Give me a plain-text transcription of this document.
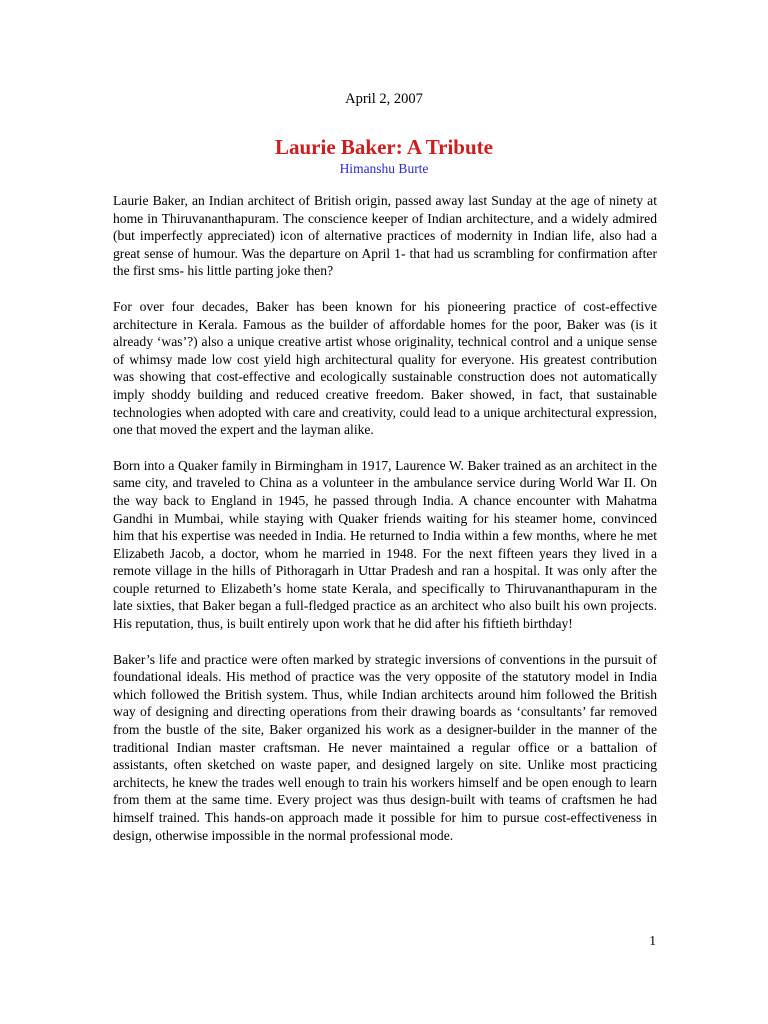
April 2, 2007
Laurie Baker: A Tribute
Himanshu Burte

Laurie Baker, an Indian architect of British origin, passed away last Sunday at the age of ninety at home in Thiruvananthapuram. The conscience keeper of Indian architecture, and a widely admired (but imperfectly appreciated) icon of alternative practices of modernity in Indian life, also had a great sense of humour. Was the departure on April 1- that had us scrambling for confirmation after the first sms- his little parting joke then?

For over four decades, Baker has been known for his pioneering practice of cost-effective architecture in Kerala. Famous as the builder of affordable homes for the poor, Baker was (is it already ‘was’?) also a unique creative artist whose originality, technical control and a unique sense of whimsy made low cost yield high architectural quality for everyone. His greatest contribution was showing that cost-effective and ecologically sustainable construction does not automatically imply shoddy building and reduced creative freedom. Baker showed, in fact, that sustainable technologies when adopted with care and creativity, could lead to a unique architectural expression, one that moved the expert and the layman alike.

Born into a Quaker family in Birmingham in 1917, Laurence W. Baker trained as an architect in the same city, and traveled to China as a volunteer in the ambulance service during World War II. On the way back to England in 1945, he passed through India. A chance encounter with Mahatma Gandhi in Mumbai, while staying with Quaker friends waiting for his steamer home, convinced him that his expertise was needed in India. He returned to India within a few months, where he met Elizabeth Jacob, a doctor, whom he married in 1948. For the next fifteen years they lived in a remote village in the hills of Pithoragarh in Uttar Pradesh and ran a hospital. It was only after the couple returned to Elizabeth’s home state Kerala, and specifically to Thiruvananthapuram in the late sixties, that Baker began a full-fledged practice as an architect who also built his own projects. His reputation, thus, is built entirely upon work that he did after his fiftieth birthday!

Baker’s life and practice were often marked by strategic inversions of conventions in the pursuit of foundational ideals. His method of practice was the very opposite of the statutory model in India which followed the British system. Thus, while Indian architects around him followed the British way of designing and directing operations from their drawing boards as ‘consultants’ far removed from the bustle of the site, Baker organized his work as a designer-builder in the manner of the traditional Indian master craftsman. He never maintained a regular office or a battalion of assistants, often sketched on waste paper, and designed largely on site. Unlike most practicing architects, he knew the trades well enough to train his workers himself and be open enough to learn from them at the same time. Every project was thus design-built with teams of craftsmen he had himself trained. This hands-on approach made it possible for him to pursue cost-effectiveness in design, otherwise impossible in the normal professional mode.

1
